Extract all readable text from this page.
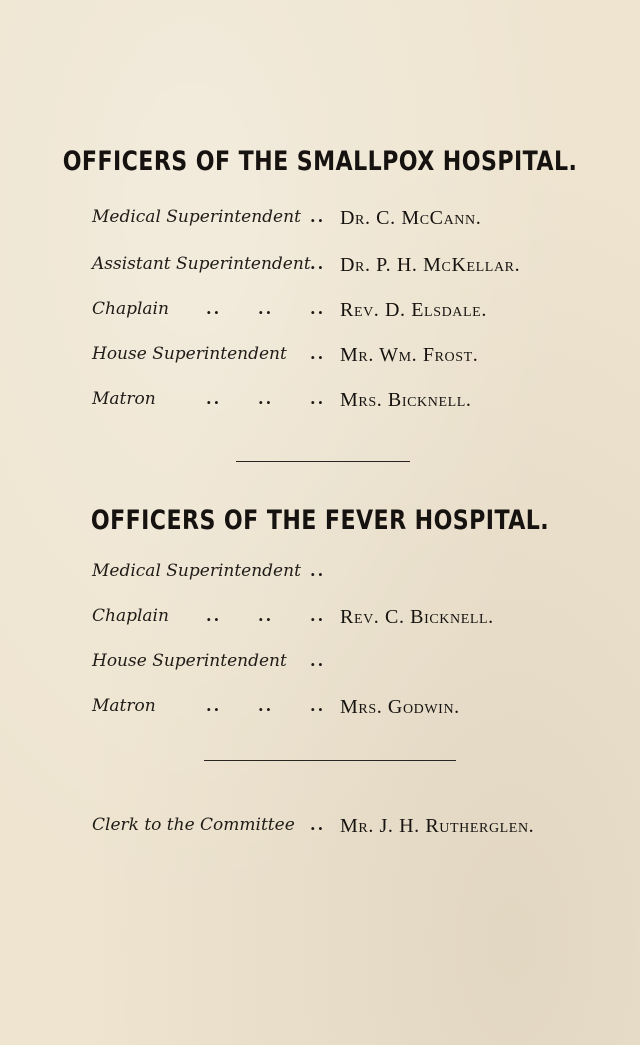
OFFICERS OF THE SMALLPOX HOSPITAL.
Medical Superintendent .. Dr. C. McCann.
Assistant Superintendent .. Dr. P. H. McKellar.
Chaplain .. .. .. Rev. D. Elsdale.
House Superintendent .. Mr. Wm. Frost.
Matron	.. .. .. Mrs. Bicknell.
OFFICERS OF THE FEVER HOSPITAL.
Medical Superintendent ..
Chaplain .. .. .. Rev. C. Bicknell.
House Superintendent ..
Matron	.. .. .. Mrs. Godwin.
Clerk to the Committee .. Mr. J. H. Rutherglen.
